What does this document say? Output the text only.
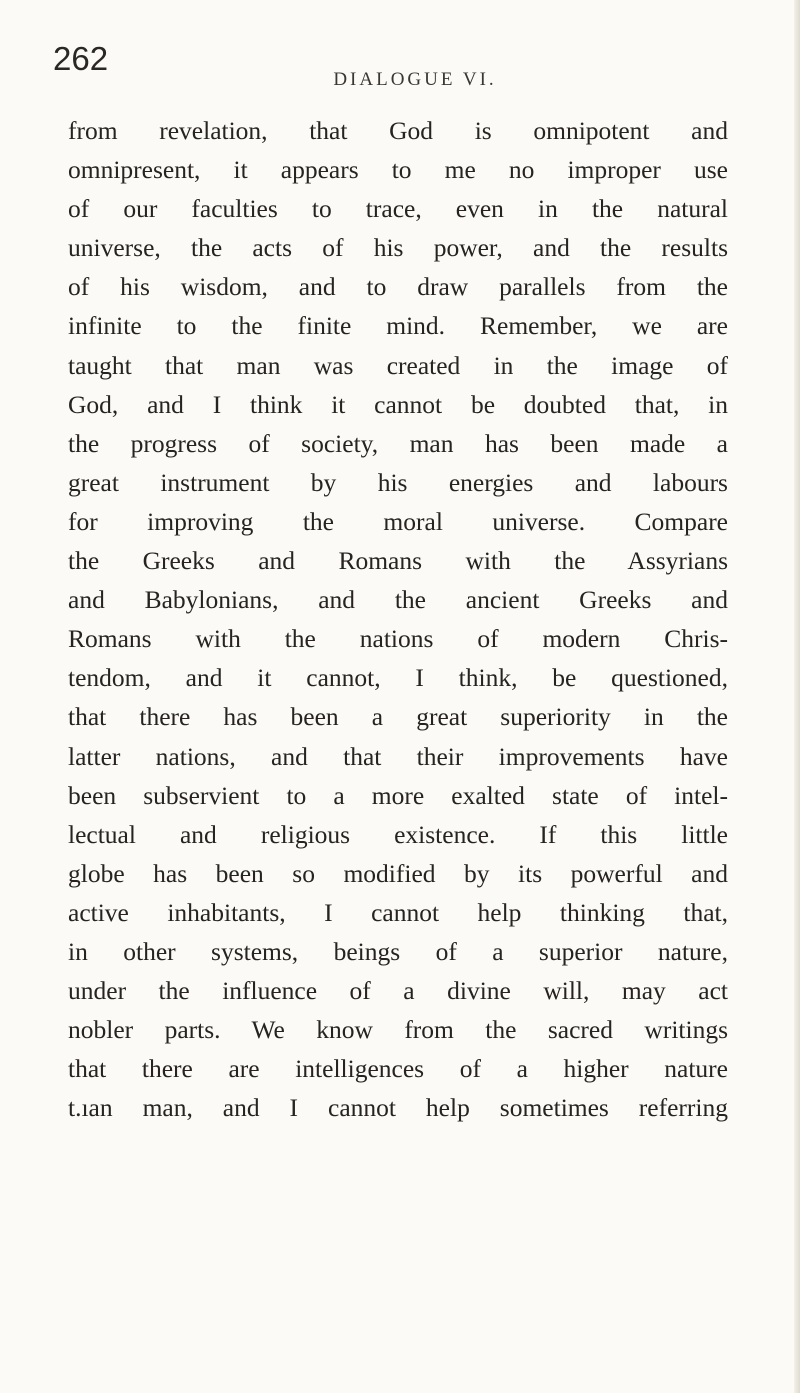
262
DIALOGUE VI.
from revelation, that God is omnipotent and
omnipresent, it appears to me no improper use
of our faculties to trace, even in the natural
universe, the acts of his power, and the results
of his wisdom, and to draw parallels from the
infinite to the finite mind. Remember, we are
taught that man was created in the image of
God, and I think it cannot be doubted that, in
the progress of society, man has been made a
great instrument by his energies and labours
for improving the moral universe. Compare
the Greeks and Romans with the Assyrians
and Babylonians, and the ancient Greeks and
Romans with the nations of modern Chris-
tendom, and it cannot, I think, be questioned,
that there has been a great superiority in the
latter nations, and that their improvements have
been subservient to a more exalted state of intel-
lectual and religious existence. If this little
globe has been so modified by its powerful and
active inhabitants, I cannot help thinking that,
in other systems, beings of a superior nature,
under the influence of a divine will, may act
nobler parts. We know from the sacred writings
that there are intelligences of a higher nature
t.ıan man, and I cannot help sometimes referring
